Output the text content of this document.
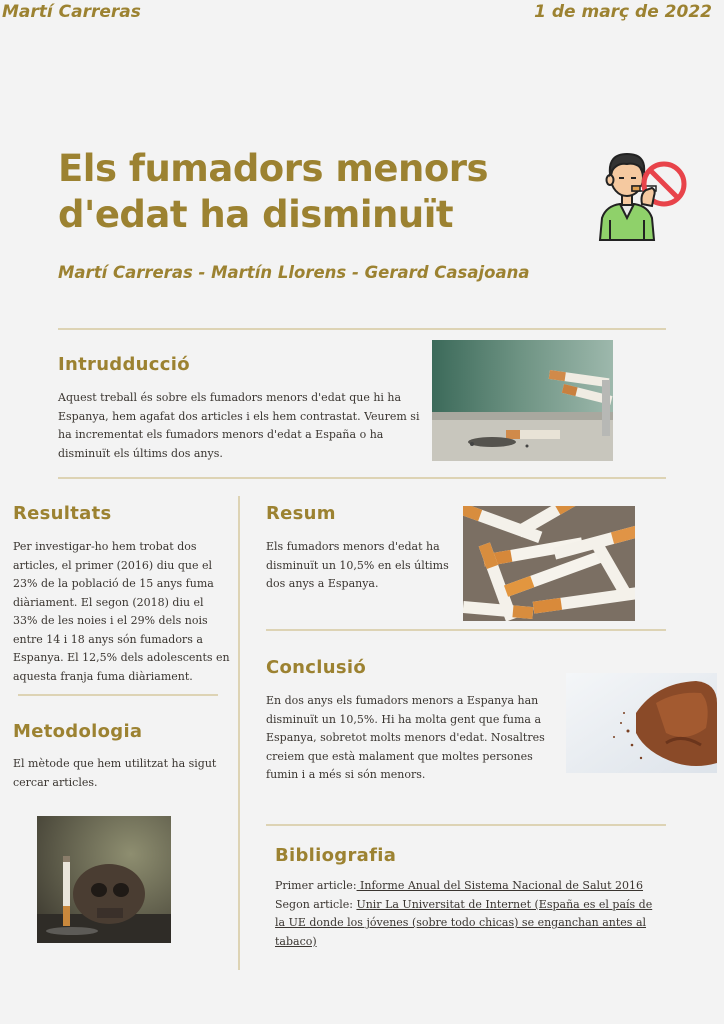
Martí Carreras	1 de març de 2022
Els fumadors menors d'edat ha disminuït
Martí Carreras - Martín Llorens - Gerard Casajoana
Intrudducció

Aquest treball és sobre els fumadors menors d'edat que hi ha Espanya, hem agafat dos articles i els hem contrastat. Veurem si ha incrementat els fumadors menors d'edat a España o ha disminuït els últims dos anys.

Resultats

Per investigar-ho hem trobat dos articles, el primer (2016) diu que el 23% de la població de 15 anys fuma diàriament. El segon (2018) diu el 33% de les noies i el 29% dels nois entre 14 i 18 anys són fumadors a Espanya. El 12,5% dels adolescents en aquesta franja fuma diàriament.

Metodologia

El mètode que hem utilitzat ha sigut cercar articles.

Resum

Els fumadors menors d'edat ha disminuït un 10,5% en els últims dos anys a Espanya.

Conclusió

En dos anys els fumadors menors a Espanya han disminuït un 10,5%. Hi ha molta gent que fuma a Espanya, sobretot molts menors d'edat. Nosaltres creiem que està malament que moltes persones fumin i a més si són menors.

Bibliografia
Primer article: Informe Anual del Sistema Nacional de Salut 2016
Segon article: Unir La Universitat de Internet (España es el país de la UE donde los jóvenes (sobre todo chicas) se enganchan antes al tabaco)
